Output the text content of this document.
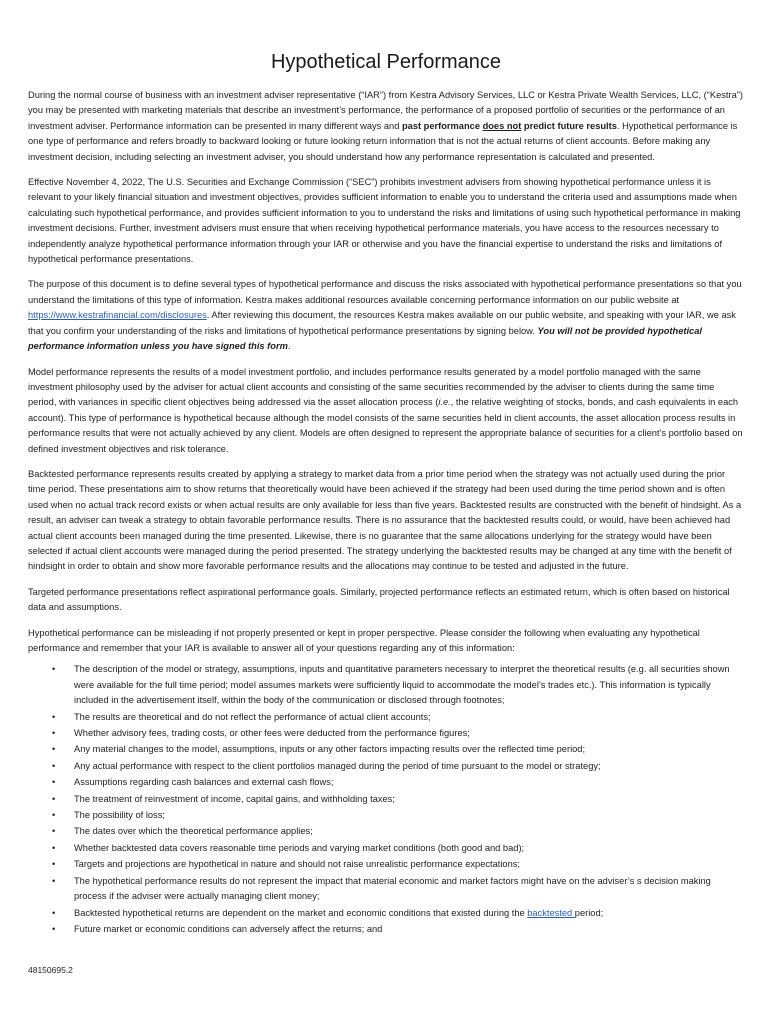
Hypothetical Performance

During the normal course of business with an investment adviser representative (“IAR”) from Kestra Advisory Services, LLC or Kestra Private Wealth Services, LLC, (“Kestra”) you may be presented with marketing materials that describe an investment’s performance, the performance of a proposed portfolio of securities or the performance of an investment adviser. Performance information can be presented in many different ways and past performance does not predict future results. Hypothetical performance is one type of performance and refers broadly to backward looking or future looking return information that is not the actual returns of client accounts. Before making any investment decision, including selecting an investment adviser, you should understand how any performance representation is calculated and presented.

Effective November 4, 2022, The U.S. Securities and Exchange Commission (“SEC”) prohibits investment advisers from showing hypothetical performance unless it is relevant to your likely financial situation and investment objectives, provides sufficient information to enable you to understand the criteria used and assumptions made when calculating such hypothetical performance, and provides sufficient information to you to understand the risks and limitations of using such hypothetical performance in making investment decisions. Further, investment advisers must ensure that when receiving hypothetical performance materials, you have access to the resources necessary to independently analyze hypothetical performance information through your IAR or otherwise and you have the financial expertise to understand the risks and limitations of hypothetical performance presentations.

The purpose of this document is to define several types of hypothetical performance and discuss the risks associated with hypothetical performance presentations so that you understand the limitations of this type of information. Kestra makes additional resources available concerning performance information on our public website at https://www.kestrafinancial.com/disclosures. After reviewing this document, the resources Kestra makes available on our public website, and speaking with your IAR, we ask that you confirm your understanding of the risks and limitations of hypothetical performance presentations by signing below. You will not be provided hypothetical performance information unless you have signed this form.

Model performance represents the results of a model investment portfolio, and includes performance results generated by a model portfolio managed with the same investment philosophy used by the adviser for actual client accounts and consisting of the same securities recommended by the adviser to clients during the same time period, with variances in specific client objectives being addressed via the asset allocation process (i.e., the relative weighting of stocks, bonds, and cash equivalents in each account). This type of performance is hypothetical because although the model consists of the same securities held in client accounts, the asset allocation process results in performance results that were not actually achieved by any client. Models are often designed to represent the appropriate balance of securities for a client’s portfolio based on defined investment objectives and risk tolerance.

Backtested performance represents results created by applying a strategy to market data from a prior time period when the strategy was not actually used during the prior time period. These presentations aim to show returns that theoretically would have been achieved if the strategy had been used during the time period shown and is often used when no actual track record exists or when actual results are only available for less than five years. Backtested results are constructed with the benefit of hindsight. As a result, an adviser can tweak a strategy to obtain favorable performance results. There is no assurance that the backtested results could, or would, have been achieved had actual client accounts been managed during the time presented. Likewise, there is no guarantee that the same allocations underlying for the strategy would have been selected if actual client accounts were managed during the period presented. The strategy underlying the backtested results may be changed at any time with the benefit of hindsight in order to obtain and show more favorable performance results and the allocations may continue to be tested and adjusted in the future.

Targeted performance presentations reflect aspirational performance goals. Similarly, projected performance reflects an estimated return, which is often based on historical data and assumptions.

Hypothetical performance can be misleading if not properly presented or kept in proper perspective. Please consider the following when evaluating any hypothetical performance and remember that your IAR is available to answer all of your questions regarding any of this information:

• The description of the model or strategy, assumptions, inputs and quantitative parameters necessary to interpret the theoretical results (e.g. all securities shown were available for the full time period; model assumes markets were sufficiently liquid to accommodate the model’s trades etc.). This information is typically included in the advertisement itself, within the body of the communication or disclosed through footnotes;
• The results are theoretical and do not reflect the performance of actual client accounts;
• Whether advisory fees, trading costs, or other fees were deducted from the performance figures;
• Any material changes to the model, assumptions, inputs or any other factors impacting results over the reflected time period;
• Any actual performance with respect to the client portfolios managed during the period of time pursuant to the model or strategy;
• Assumptions regarding cash balances and external cash flows;
• The treatment of reinvestment of income, capital gains, and withholding taxes;
• The possibility of loss;
• The dates over which the theoretical performance applies;
• Whether backtested data covers reasonable time periods and varying market conditions (both good and bad);
• Targets and projections are hypothetical in nature and should not raise unrealistic performance expectations;
• The hypothetical performance results do not represent the impact that material economic and market factors might have on the adviser’s s decision making process if the adviser were actually managing client money;
• Backtested hypothetical returns are dependent on the market and economic conditions that existed during the backtested period;
• Future market or economic conditions can adversely affect the returns; and
48150695.2
